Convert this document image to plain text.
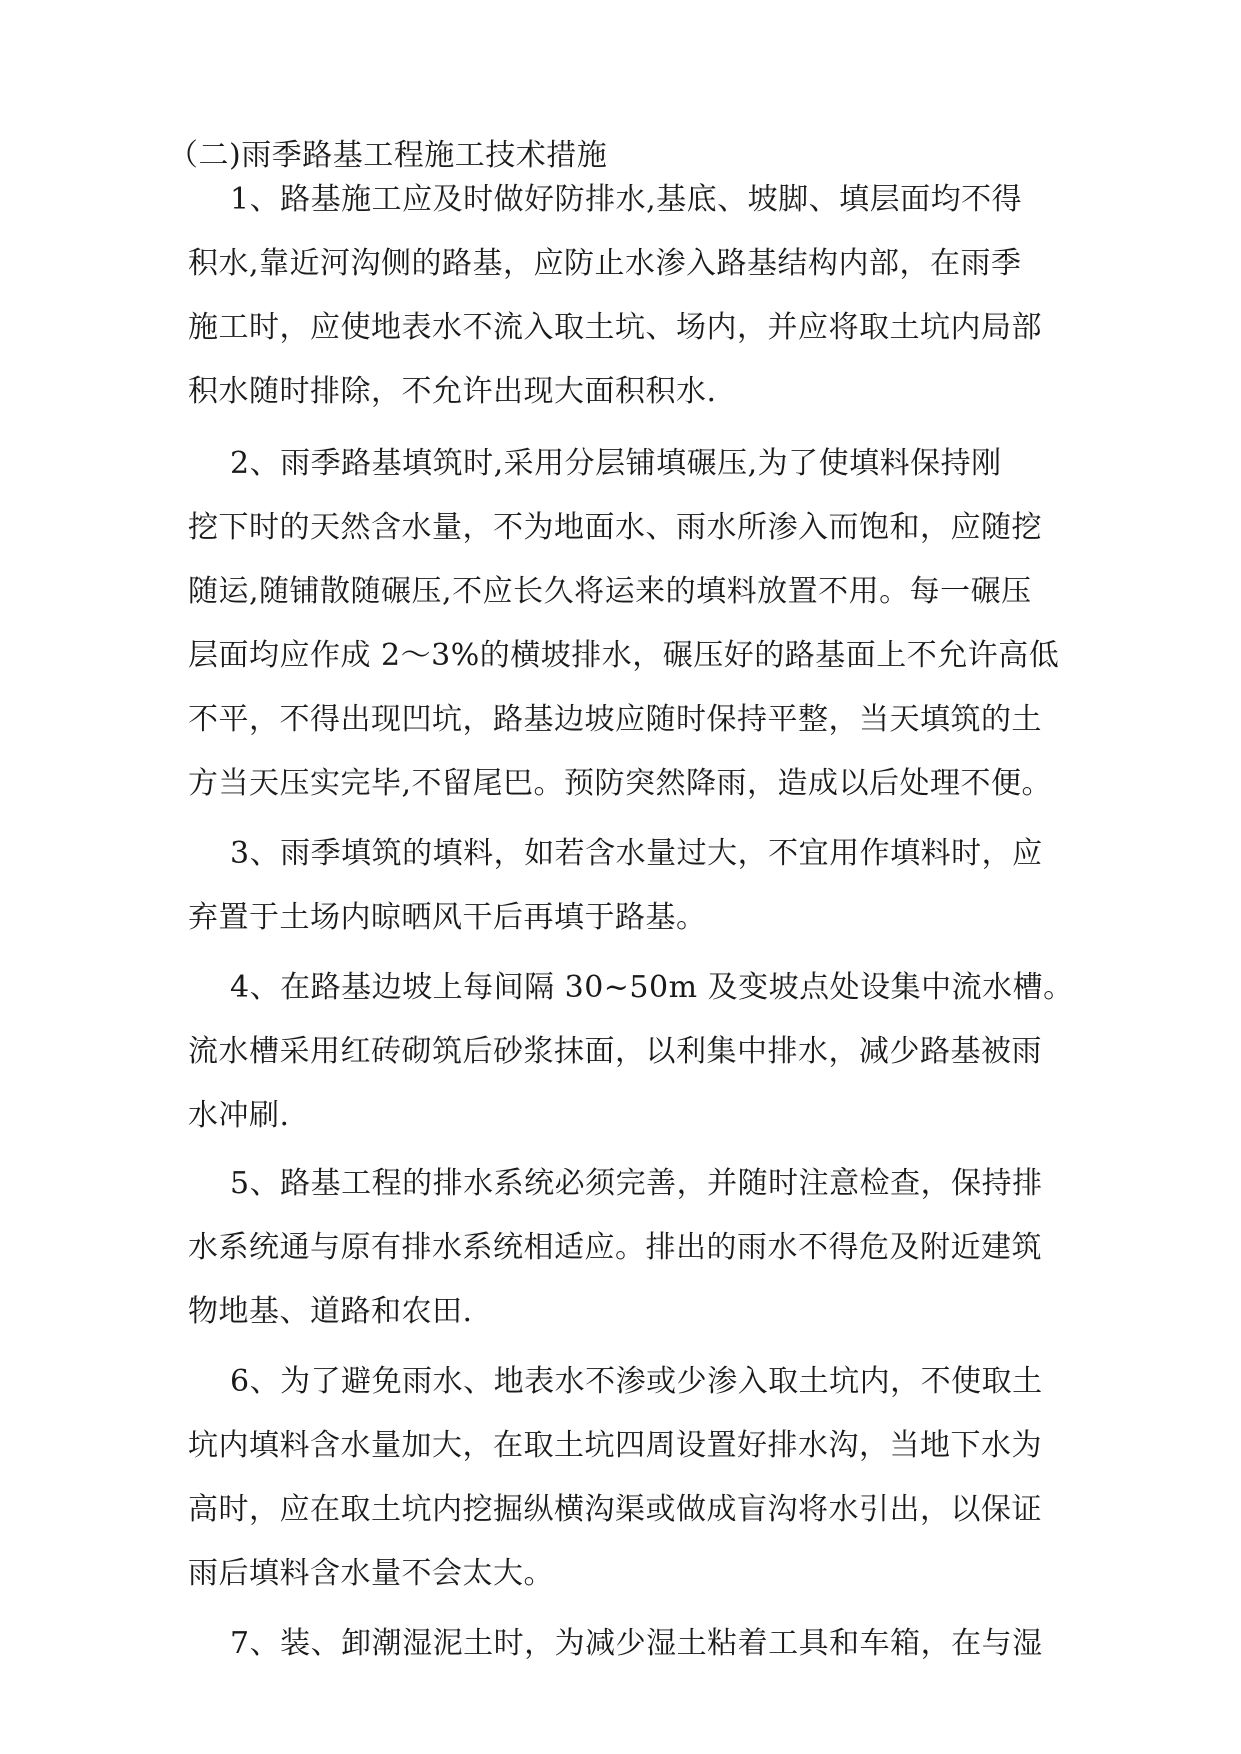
（二)雨季路基工程施工技术措施
1、路基施工应及时做好防排水,基底、坡脚、填层面均不得
积水,靠近河沟侧的路基，应防止水渗入路基结构内部，在雨季
施工时，应使地表水不流入取土坑、场内，并应将取土坑内局部
积水随时排除，不允许出现大面积积水.
2、雨季路基填筑时,采用分层铺填碾压,为了使填料保持刚
挖下时的天然含水量，不为地面水、雨水所渗入而饱和，应随挖
随运,随铺散随碾压,不应长久将运来的填料放置不用。每一碾压
层面均应作成 2～3%的横坡排水，碾压好的路基面上不允许高低
不平，不得出现凹坑，路基边坡应随时保持平整，当天填筑的土
方当天压实完毕,不留尾巴。预防突然降雨，造成以后处理不便。
3、雨季填筑的填料，如若含水量过大，不宜用作填料时，应
弃置于土场内晾晒风干后再填于路基。
4、在路基边坡上每间隔 30~50m 及变坡点处设集中流水槽。
流水槽采用红砖砌筑后砂浆抹面，以利集中排水，减少路基被雨
水冲刷.
5、路基工程的排水系统必须完善，并随时注意检查，保持排
水系统通与原有排水系统相适应。排出的雨水不得危及附近建筑
物地基、道路和农田.
6、为了避免雨水、地表水不渗或少渗入取土坑内，不使取土
坑内填料含水量加大，在取土坑四周设置好排水沟，当地下水为
高时，应在取土坑内挖掘纵横沟渠或做成盲沟将水引出，以保证
雨后填料含水量不会太大。
7、装、卸潮湿泥土时，为减少湿土粘着工具和车箱，在与湿
